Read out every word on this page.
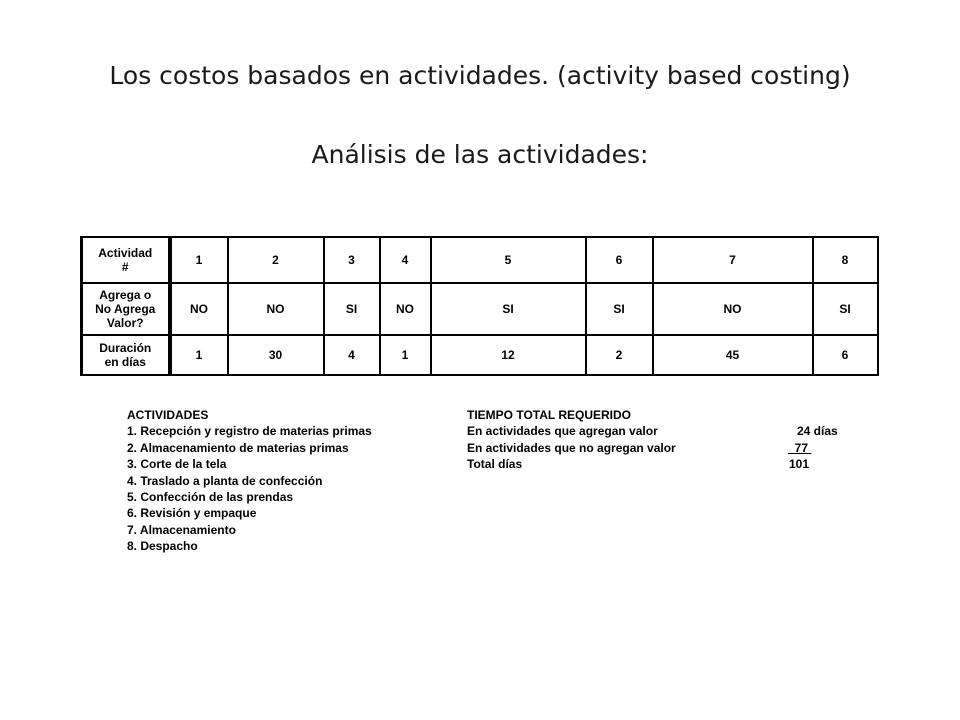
Los costos basados en actividades. (activity based costing)
Análisis de las actividades:
Actividad
#	1	2	3	4	5	6	7	8

Agrega o
No Agrega
Valor?	NO	NO	SI	NO	SI	SI	NO	SI

Duración
en días	1	30	4	1	12	2	45	6
ACTIVIDADES
1. Recepción y registro de materias primas
2. Almacenamiento de materias primas
3. Corte de la tela
4. Traslado a planta de confección
5. Confección de las prendas
6. Revisión y empaque
7. Almacenamiento
8. Despacho
TIEMPO TOTAL REQUERIDO
En actividades que agregan valor	24 días
En actividades que no agregan valor	77
Total días	101
